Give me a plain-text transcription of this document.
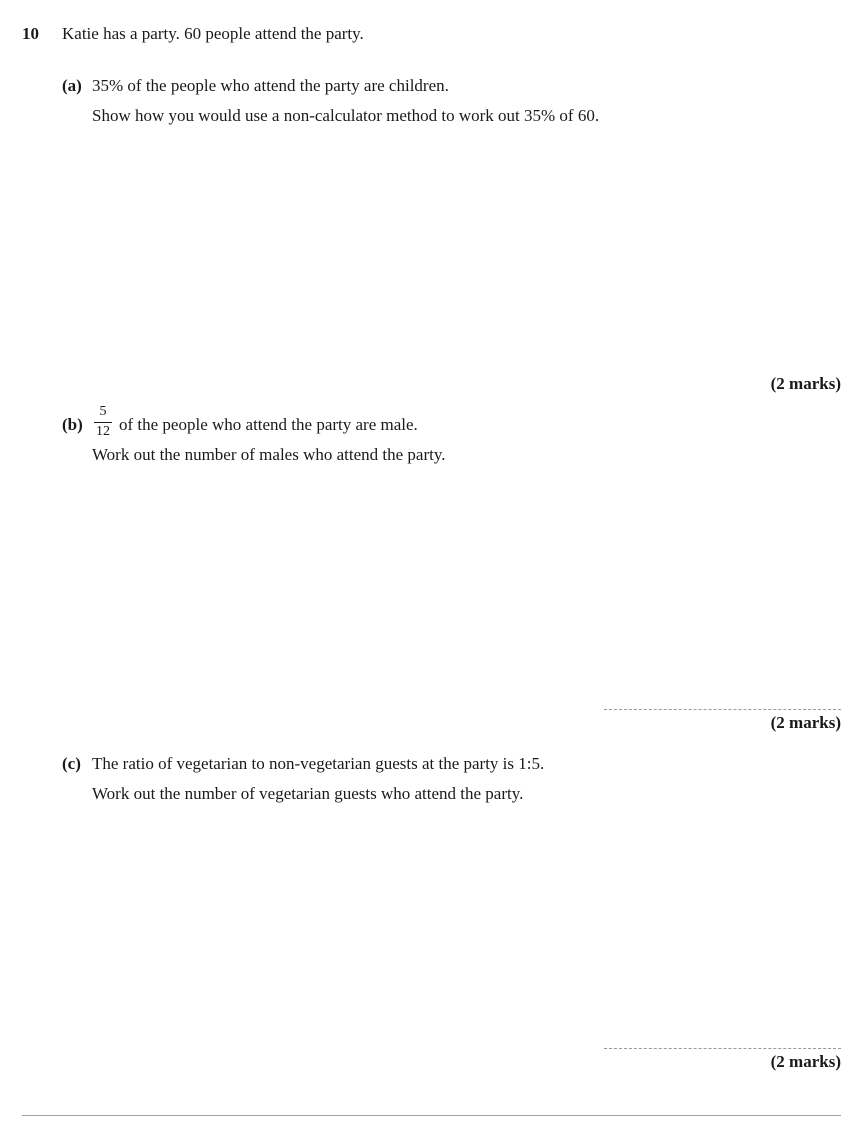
10 Katie has a party. 60 people attend the party.
(a) 35% of the people who attend the party are children.
Show how you would use a non-calculator method to work out 35% of 60.
(2 marks)
(b)
5
12 of the people who attend the party are male.
Work out the number of males who attend the party.
(2 marks)
(c) The ratio of vegetarian to non-vegetarian guests at the party is 1:5.
Work out the number of vegetarian guests who attend the party.
(2 marks)
